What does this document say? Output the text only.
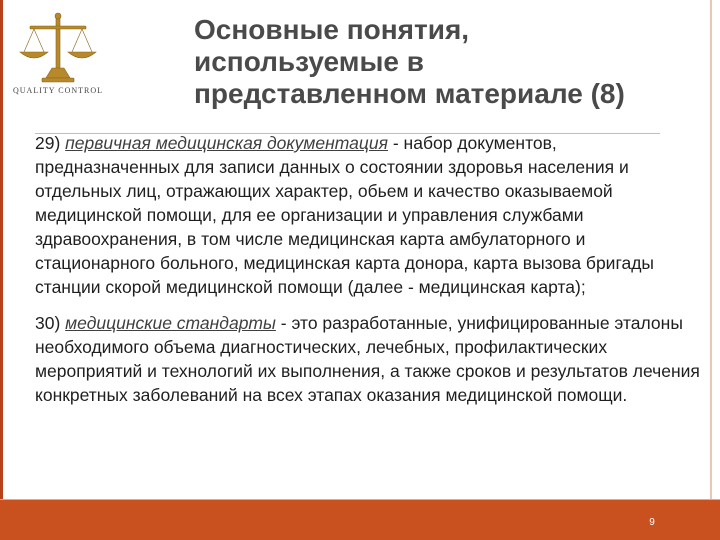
QUALITY CONTROL
Основные понятия,
используемые в
представленном материале (8)

29) первичная медицинская документация - набор документов, предназначенных для записи данных о состоянии здоровья населения и отдельных лиц, отражающих характер, обьем и качество оказываемой медицинской помощи, для ее организации и управления службами здравоохранения, в том числе медицинская карта амбулаторного и стационарного больного, медицинская карта донора, карта вызова бригады станции скорой медицинской помощи (далее - медицинская карта);

30) медицинские стандарты - это разработанные, унифицированные эталоны необходимого объема диагностических, лечебных, профилактических мероприятий и технологий их выполнения, а также сроков и результатов лечения конкретных заболеваний на всех этапах оказания медицинской помощи.

9
